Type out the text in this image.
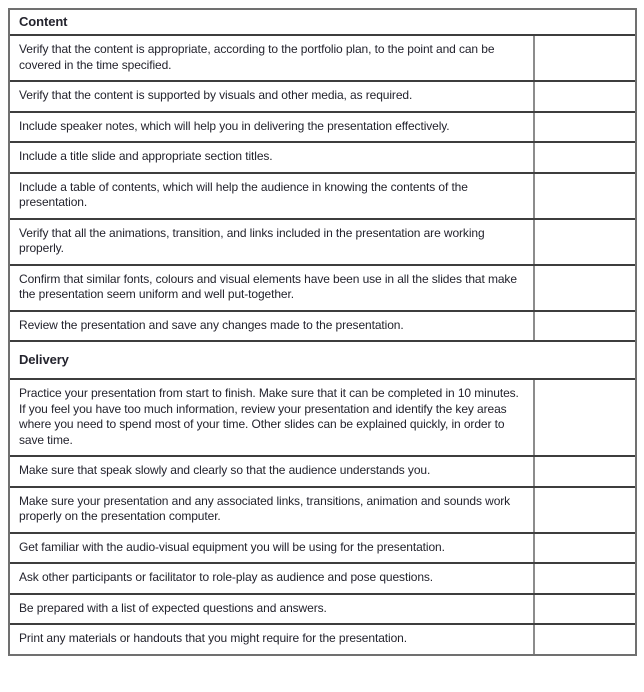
Content
Verify that the content is appropriate, according to the portfolio plan, to the point and can be covered in the time specified.
Verify that the content is supported by visuals and other media, as required.
Include speaker notes, which will help you in delivering the presentation effectively.
Include a title slide and appropriate section titles.
Include a table of contents, which will help the audience in knowing the contents of the presentation.
Verify that all the animations, transition, and links included in the presentation are working properly.
Confirm that similar fonts, colours and visual elements have been use in all the slides that make the presentation seem uniform and well put-together.
Review the presentation and save any changes made to the presentation.
Delivery
Practice your presentation from start to finish. Make sure that it can be completed in 10 minutes. If you feel you have too much information, review your presentation and identify the key areas where you need to spend most of your time. Other slides can be explained quickly, in order to save time.
Make sure that speak slowly and clearly so that the audience understands you.
Make sure your presentation and any associated links, transitions, animation and sounds work properly on the presentation computer.
Get familiar with the audio-visual equipment you will be using for the presentation.
Ask other participants or facilitator to role-play as audience and pose questions.
Be prepared with a list of expected questions and answers.
Print any materials or handouts that you might require for the presentation.
